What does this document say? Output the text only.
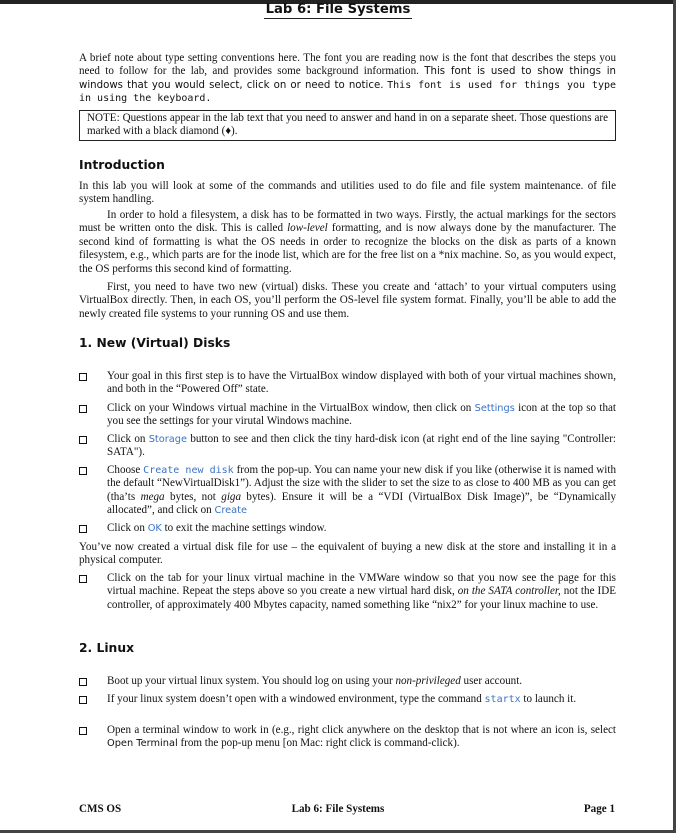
Lab 6: File Systems

A brief note about type setting conventions here. The font you are reading now is the font that describes the steps you need to follow for the lab, and provides some background information. This font is used to show things in windows that you would select, click on or need to notice. This font is used for things you type in using the keyboard.

NOTE: Questions appear in the lab text that you need to answer and hand in on a separate sheet. Those questions are marked with a black diamond (♦).
Introduction

In this lab you will look at some of the commands and utilities used to do file and file system maintenance. of file system handling.

In order to hold a filesystem, a disk has to be formatted in two ways. Firstly, the actual markings for the sectors must be written onto the disk. This is called low-level formatting, and is now always done by the manufacturer. The second kind of formatting is what the OS needs in order to recognize the blocks on the disk as parts of a known filesystem, e.g., which parts are for the inode list, which are for the free list on a *nix machine. So, as you would expect, the OS performs this second kind of formatting.

First, you need to have two new (virtual) disks. These you create and ‘attach’ to your virtual computers using VirtualBox directly. Then, in each OS, you’ll perform the OS-level file system format. Finally, you’ll be able to add the newly created file systems to your running OS and use them.

1. New (Virtual) Disks
Your goal in this first step is to have the VirtualBox window displayed with both of your virtual machines shown, and both in the “Powered Off” state.
Click on your Windows virtual machine in the VirtualBox window, then click on Settings icon at the top so that you see the settings for your virutal Windows machine.
Click on Storage button to see and then click the tiny hard-disk icon (at right end of the line saying "Controller: SATA").
Choose Create new disk from the pop-up. You can name your new disk if you like (otherwise it is named with the default “NewVirtualDisk1”). Adjust the size with the slider to set the size to as close to 400 MB as you can get (tha’ts mega bytes, not giga bytes). Ensure it will be a “VDI (VirtualBox Disk Image)”, be “Dynamically allocated”, and click on Create
Click on OK to exit the machine settings window.

You’ve now created a virtual disk file for use – the equivalent of buying a new disk at the store and installing it in a physical computer.

Click on the tab for your linux virtual machine in the VMWare window so that you now see the page for this virtual machine. Repeat the steps above so you create a new virtual hard disk, on the SATA controller, not the IDE controller, of approximately 400 Mbytes capacity, named something like “nix2” for your linux machine to use.
2. Linux
Boot up your virtual linux system. You should log on using your non-privileged user account.
If your linux system doesn’t open with a windowed environment, type the command startx to launch it.
Open a terminal window to work in (e.g., right click anywhere on the desktop that is not where an icon is, select Open Terminal from the pop-up menu [on Mac: right click is command-click).
CMS OS	Lab 6: File Systems	Page 1
